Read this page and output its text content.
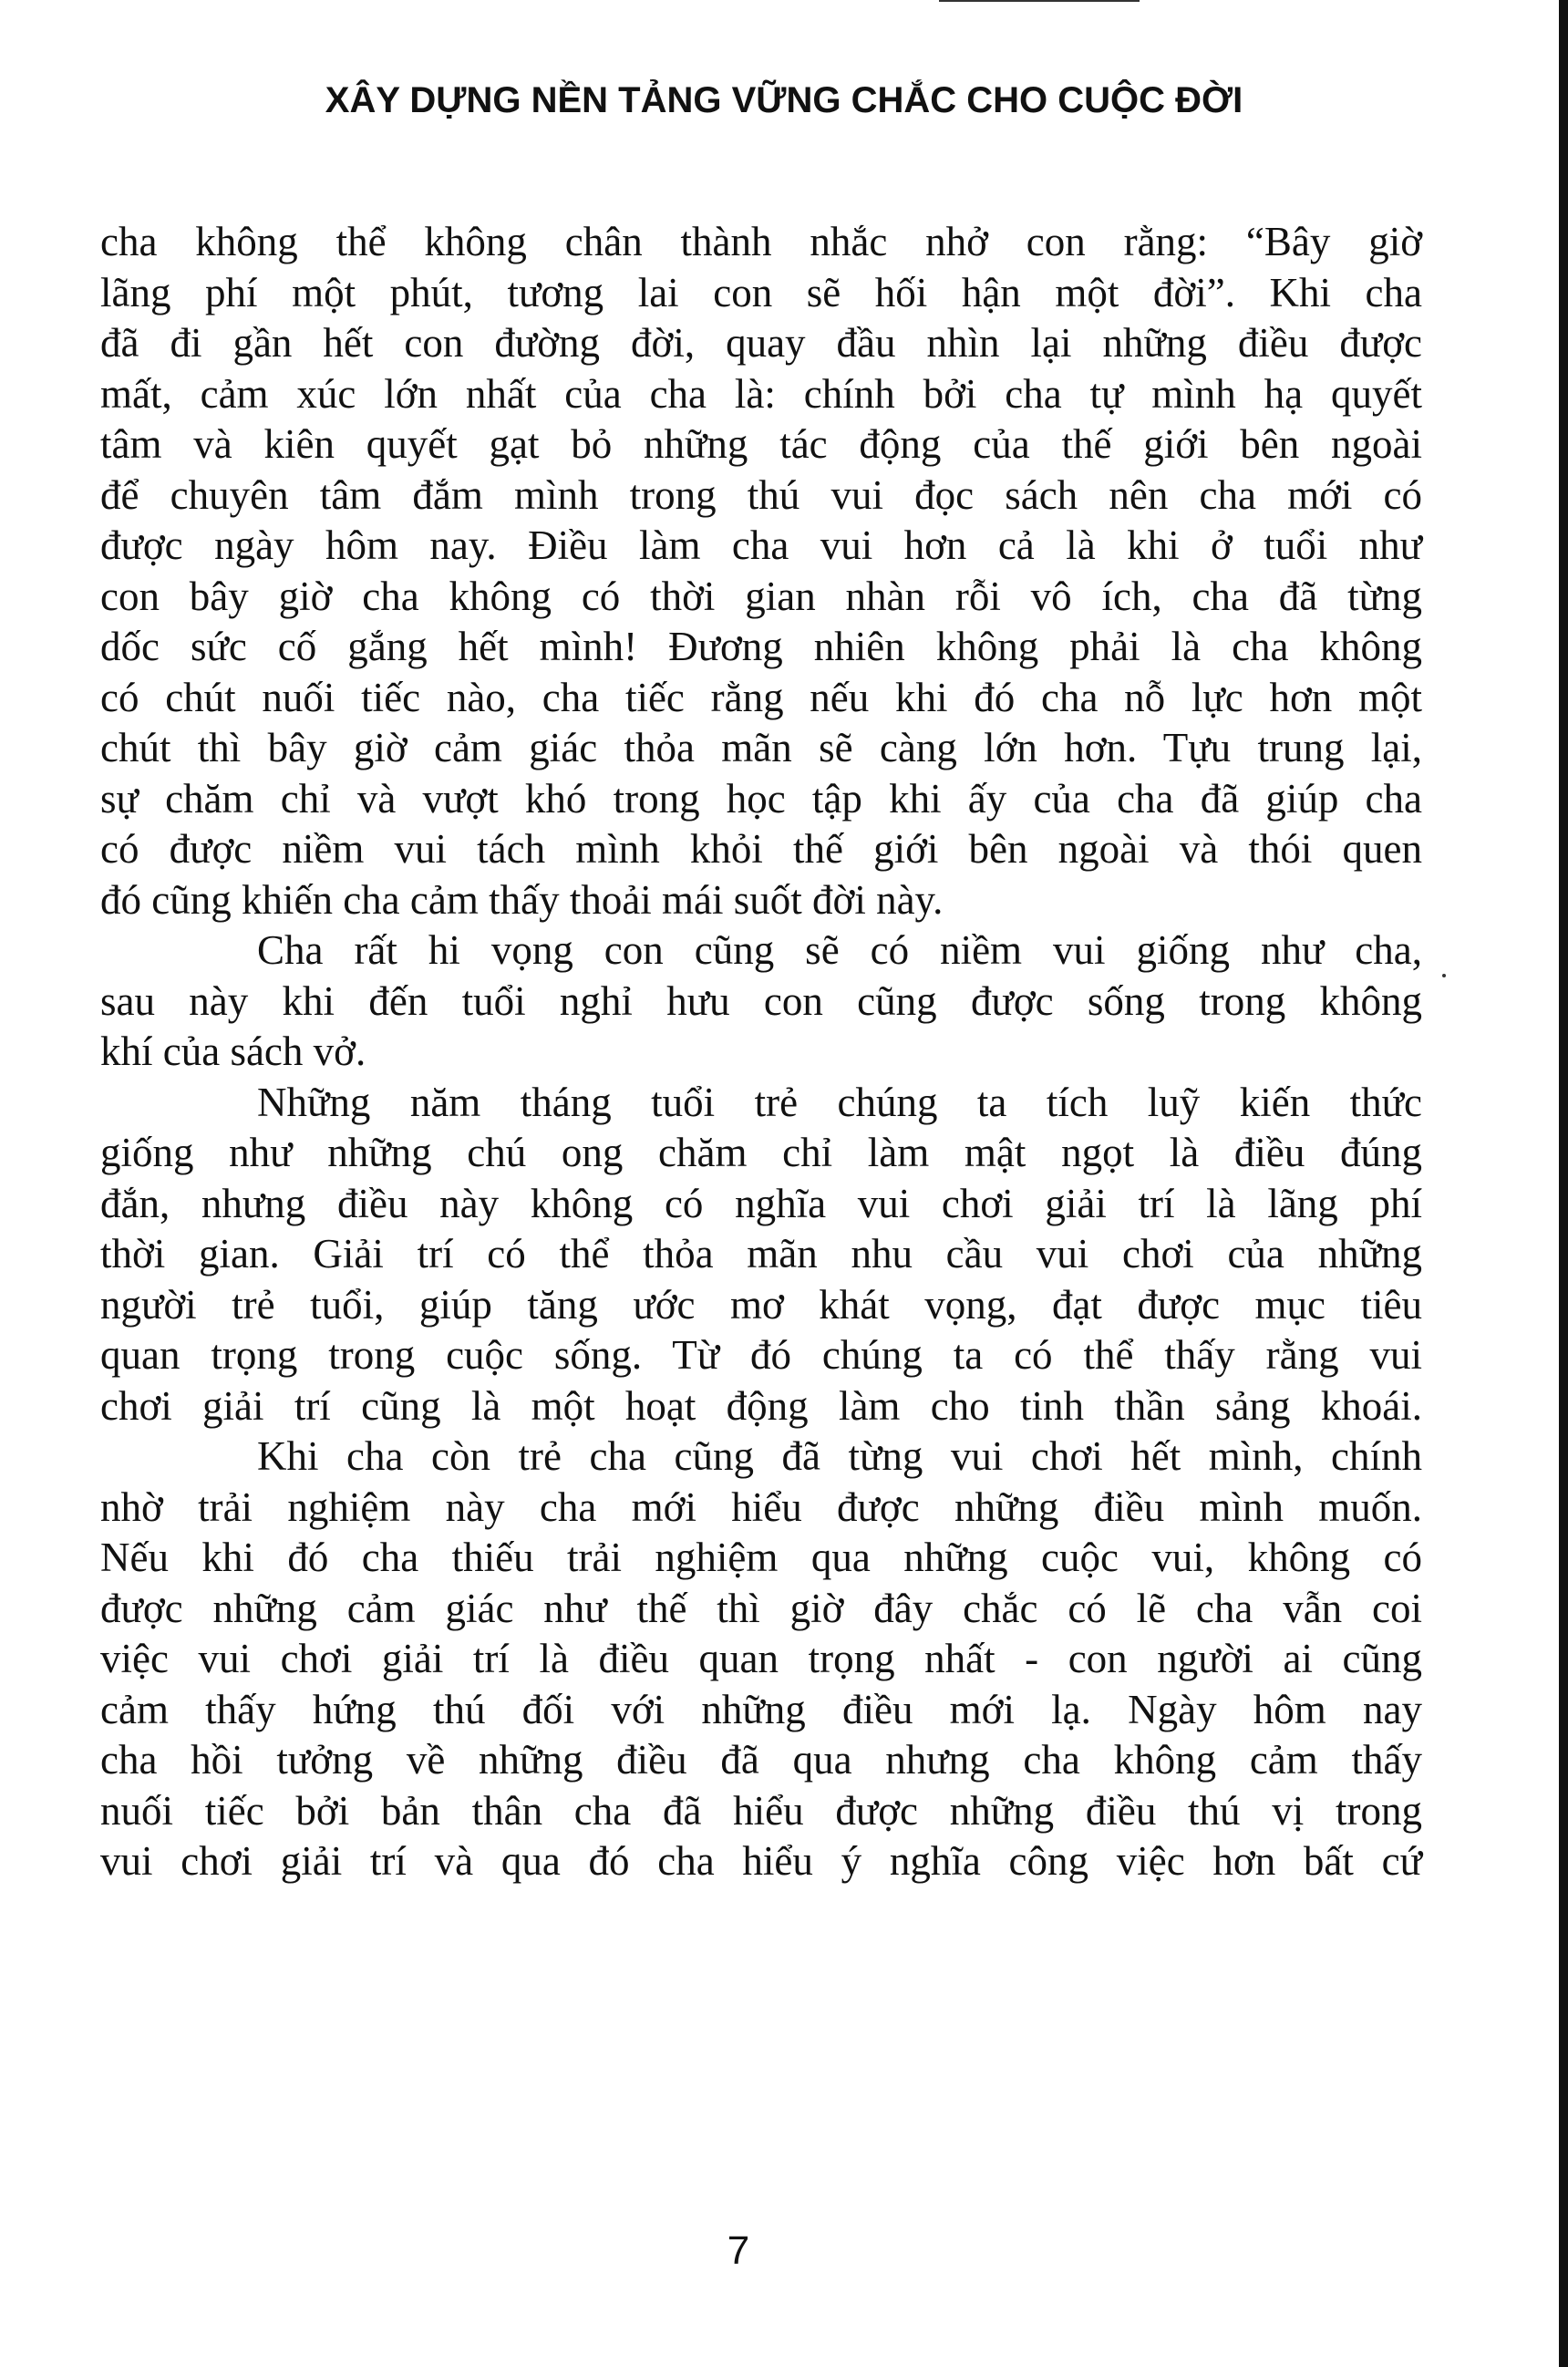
XÂY DỰNG NỀN TẢNG VỮNG CHẮC CHO CUỘC ĐỜI
cha không thể không chân thành nhắc nhở con rằng: “Bây giờ
lãng phí một phút, tương lai con sẽ hối hận một đời”. Khi cha
đã đi gần hết con đường đời, quay đầu nhìn lại những điều được
mất, cảm xúc lớn nhất của cha là: chính bởi cha tự mình hạ quyết
tâm và kiên quyết gạt bỏ những tác động của thế giới bên ngoài
để chuyên tâm đắm mình trong thú vui đọc sách nên cha mới có
được ngày hôm nay. Điều làm cha vui hơn cả là khi ở tuổi như
con bây giờ cha không có thời gian nhàn rỗi vô ích, cha đã từng
dốc sức cố gắng hết mình! Đương nhiên không phải là cha không
có chút nuối tiếc nào, cha tiếc rằng nếu khi đó cha nỗ lực hơn một
chút thì bây giờ cảm giác thỏa mãn sẽ càng lớn hơn. Tựu trung lại,
sự chăm chỉ và vượt khó trong học tập khi ấy của cha đã giúp cha
có được niềm vui tách mình khỏi thế giới bên ngoài và thói quen
đó cũng khiến cha cảm thấy thoải mái suốt đời này.
Cha rất hi vọng con cũng sẽ có niềm vui giống như cha,
sau này khi đến tuổi nghỉ hưu con cũng được sống trong không
khí của sách vở.
Những năm tháng tuổi trẻ chúng ta tích luỹ kiến thức
giống như những chú ong chăm chỉ làm mật ngọt là điều đúng
đắn, nhưng điều này không có nghĩa vui chơi giải trí là lãng phí
thời gian. Giải trí có thể thỏa mãn nhu cầu vui chơi của những
người trẻ tuổi, giúp tăng ước mơ khát vọng, đạt được mục tiêu
quan trọng trong cuộc sống. Từ đó chúng ta có thể thấy rằng vui
chơi giải trí cũng là một hoạt động làm cho tinh thần sảng khoái.
Khi cha còn trẻ cha cũng đã từng vui chơi hết mình, chính
nhờ trải nghiệm này cha mới hiểu được những điều mình muốn.
Nếu khi đó cha thiếu trải nghiệm qua những cuộc vui, không có
được những cảm giác như thế thì giờ đây chắc có lẽ cha vẫn coi
việc vui chơi giải trí là điều quan trọng nhất - con người ai cũng
cảm thấy hứng thú đối với những điều mới lạ. Ngày hôm nay
cha hồi tưởng về những điều đã qua nhưng cha không cảm thấy
nuối tiếc bởi bản thân cha đã hiểu được những điều thú vị trong
vui chơi giải trí và qua đó cha hiểu ý nghĩa công việc hơn bất cứ
7
